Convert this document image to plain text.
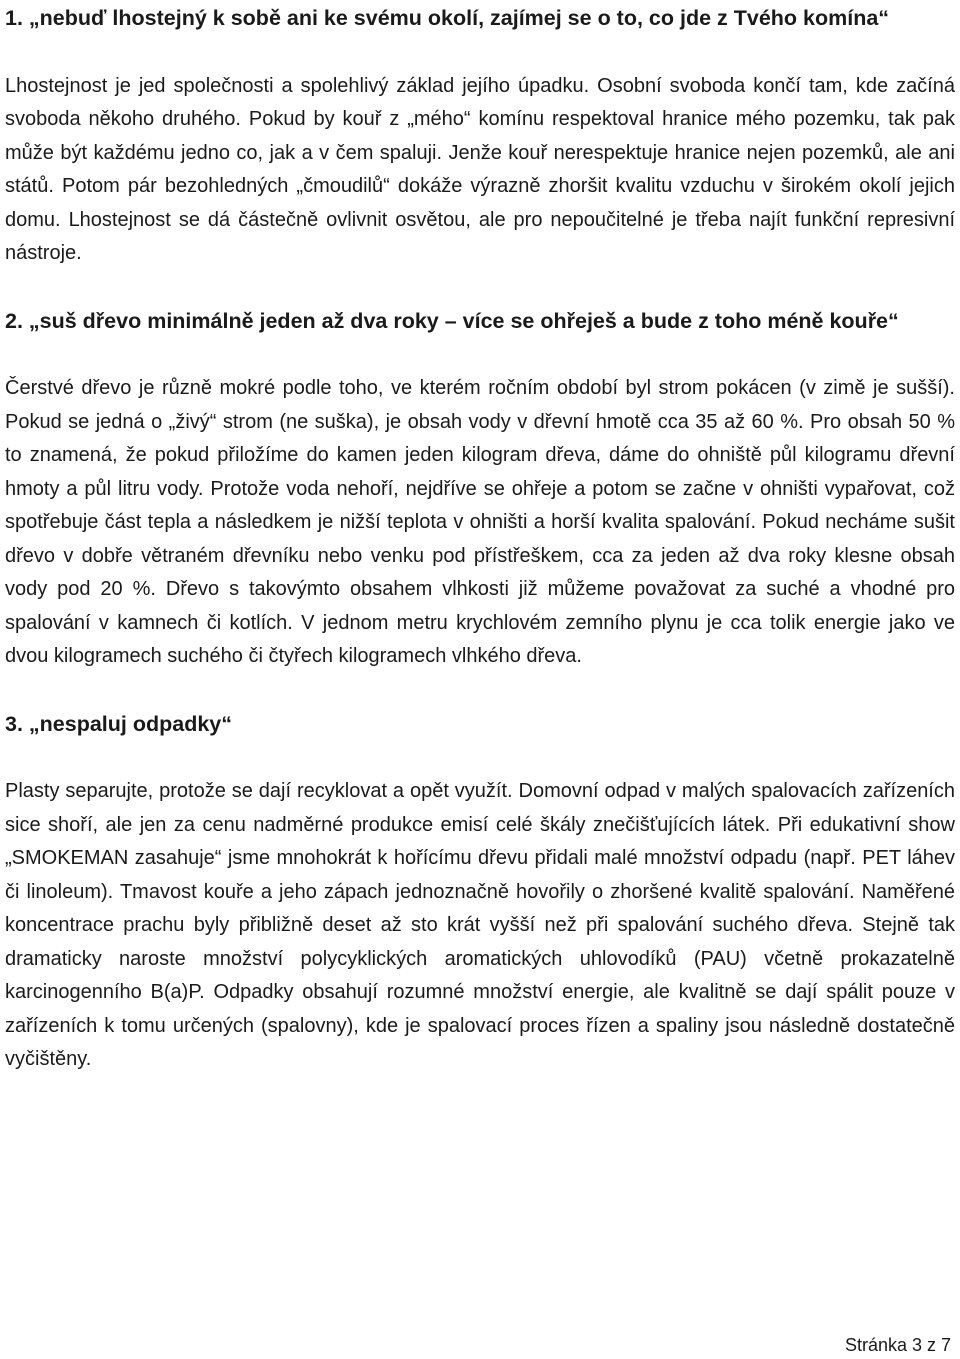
1. „nebuď lhostejný k sobě ani ke svému okolí, zajímej se o to, co jde z Tvého komína“

Lhostejnost je jed společnosti a spolehlivý základ jejího úpadku. Osobní svoboda končí tam, kde začíná svoboda někoho druhého. Pokud by kouř z „mého“ komínu respektoval hranice mého pozemku, tak pak může být každému jedno co, jak a v čem spaluji. Jenže kouř nerespektuje hranice nejen pozemků, ale ani států. Potom pár bezohledných „čmoudilů“ dokáže výrazně zhoršit kvalitu vzduchu v širokém okolí jejich domu. Lhostejnost se dá částečně ovlivnit osvětou, ale pro nepoučitelné je třeba najít funkční represivní nástroje.

2. „suš dřevo minimálně jeden až dva roky – více se ohřeješ a bude z toho méně kouře“

Čerstvé dřevo je různě mokré podle toho, ve kterém ročním období byl strom pokácen (v zimě je sušší). Pokud se jedná o „živý“ strom (ne suška), je obsah vody v dřevní hmotě cca 35 až 60 %. Pro obsah 50 % to znamená, že pokud přiložíme do kamen jeden kilogram dřeva, dáme do ohniště půl kilogramu dřevní hmoty a půl litru vody. Protože voda nehoří, nejdříve se ohřeje a potom se začne v ohništi vypařovat, což spotřebuje část tepla a následkem je nižší teplota v ohništi a horší kvalita spalování. Pokud necháme sušit dřevo v dobře větraném dřevníku nebo venku pod přístřeškem, cca za jeden až dva roky klesne obsah vody pod 20 %. Dřevo s takovýmto obsahem vlhkosti již můžeme považovat za suché a vhodné pro spalování v kamnech či kotlích. V jednom metru krychlovém zemního plynu je cca tolik energie jako ve dvou kilogramech suchého či čtyřech kilogramech vlhkého dřeva.

3. „nespaluj odpadky“

Plasty separujte, protože se dají recyklovat a opět využít. Domovní odpad v malých spalovacích zařízeních sice shoří, ale jen za cenu nadměrné produkce emisí celé škály znečišťujících látek. Při edukativní show „SMOKEMAN zasahuje“ jsme mnohokrát k hořícímu dřevu přidali malé množství odpadu (např. PET láhev či linoleum). Tmavost kouře a jeho zápach jednoznačně hovořily o zhoršené kvalitě spalování. Naměřené koncentrace prachu byly přibližně deset až sto krát vyšší než při spalování suchého dřeva. Stejně tak dramaticky naroste množství polycyklických aromatických uhlovodíků (PAU) včetně prokazatelně karcinogenního B(a)P. Odpadky obsahují rozumné množství energie, ale kvalitně se dají spálit pouze v zařízeních k tomu určených (spalovny), kde je spalovací proces řízen a spaliny jsou následně dostatečně vyčištěny.

Stránka 3 z 7
